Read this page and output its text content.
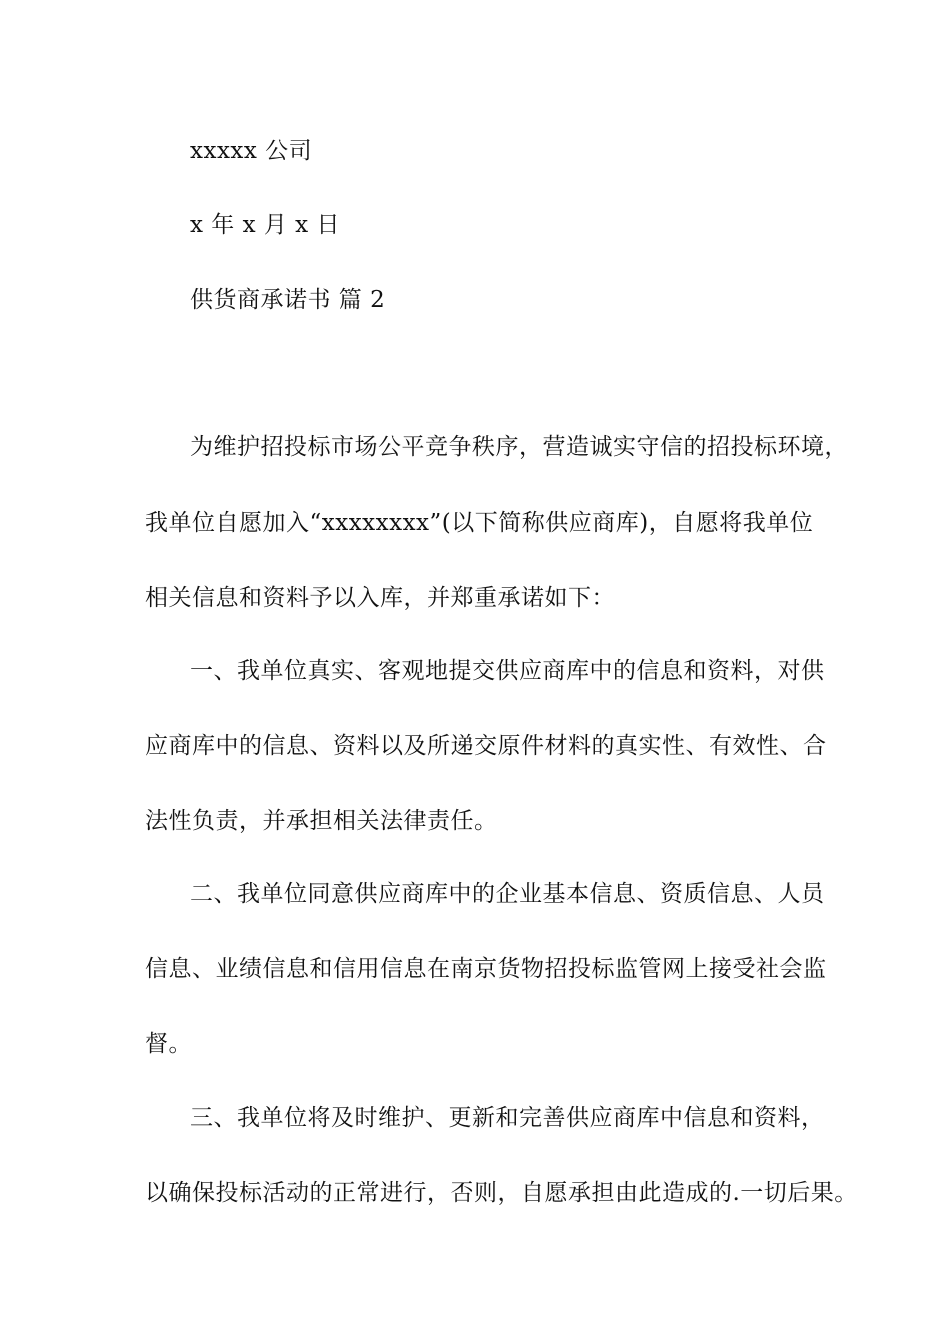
xxxxx 公司
x 年 x 月 x 日
供货商承诺书 篇 2
为维护招投标市场公平竞争秩序，营造诚实守信的招投标环境，
我单位自愿加入“xxxxxxxx”(以下简称供应商库)，自愿将我单位
相关信息和资料予以入库，并郑重承诺如下：
一、我单位真实、客观地提交供应商库中的信息和资料，对供
应商库中的信息、资料以及所递交原件材料的真实性、有效性、合
法性负责，并承担相关法律责任。
二、我单位同意供应商库中的企业基本信息、资质信息、人员
信息、业绩信息和信用信息在南京货物招投标监管网上接受社会监
督。
三、我单位将及时维护、更新和完善供应商库中信息和资料，
以确保投标活动的正常进行，否则，自愿承担由此造成的.一切后果。
